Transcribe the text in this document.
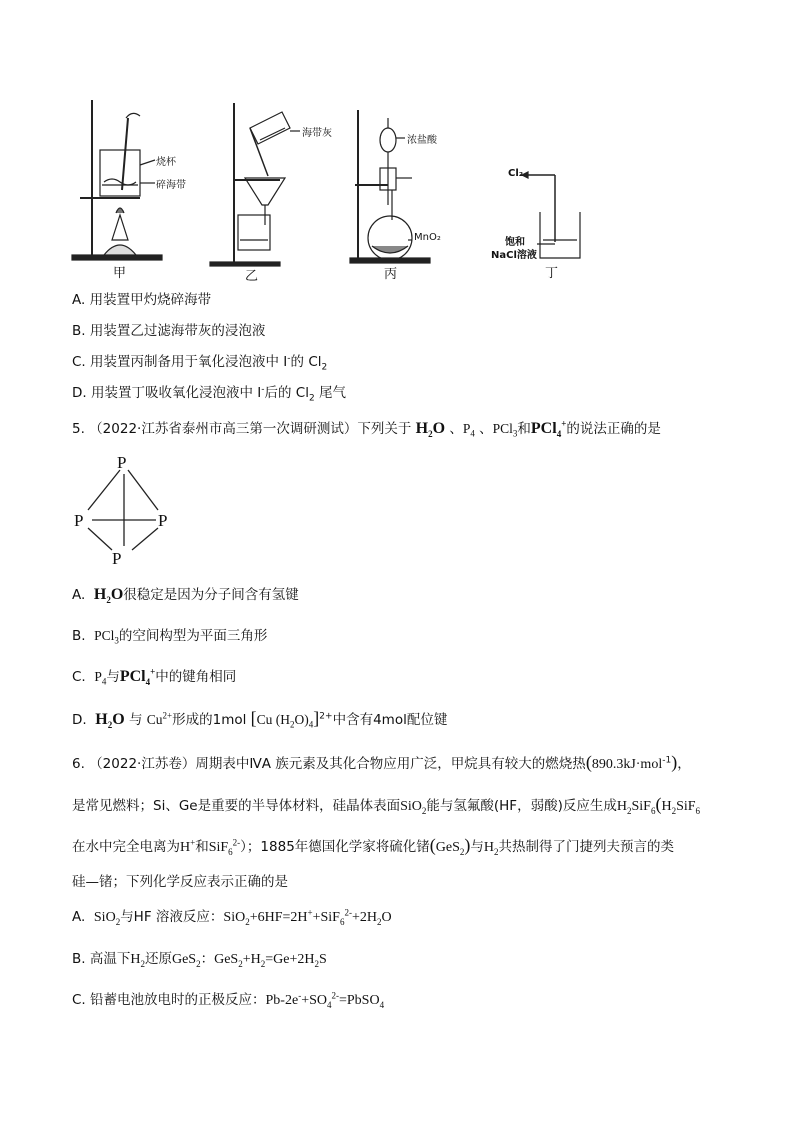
烧杯
碎海带
海带灰
浓盐酸
MnO₂
Cl₂
饱和
NaCl溶液
甲	乙	丙	丁
A. 用装置甲灼烧碎海带
B. 用装置乙过滤海带灰的浸泡液
C. 用装置丙制备用于氧化浸泡液中 I-的 $Cl_2$
D. 用装置丁吸收氧化浸泡液中 I-后的 $Cl_2$ 尾气
5. （2022·江苏省泰州市高三第一次调研测试）下列关于 $H_2O$ 、$P_4$ 、PCl$_3$和PCl$_4$+的说法正确的是
P
P	P
P
A.  $H_2O$很稳定是因为分子间含有氢键
B.  PCl$_3$的空间构型为平面三角形
C.  $P_4$与PCl$_4$+中的键角相同
D.  $H_2O$ 与 $Cu^{2+}$形成的1mol [Cu $(H_2O)_4]^{2+}$中含有4mol配位键
6. （2022·江苏卷）周期表中ⅣA 族元素及其化合物应用广泛，甲烷具有较大的燃烧热(890.3kJ·mol$^{-1}$)，
是常见燃料；Si、Ge是重要的半导体材料，硅晶体表面SiO$_2$能与氢氟酸(HF，弱酸)反应生成$H_2SiF_6(H_2SiF_6$
在水中完全电离为H+和SiF$_6^{2-}$）；1885年德国化学家将硫化锗(GeS$_2$)与$H_2$共热制得了门捷列夫预言的类
硅—锗；下列化学反应表示正确的是
A. SiO$_2$与HF 溶液反应：$SiO_2+6HF=2H^++SiF_6^{2-}+2H_2O$
B. 高温下$H_2$还原GeS$_2$：$GeS_2+H_2=Ge+2H_2S$
C. 铅蓄电池放电时的正极反应：$Pb-2e^-+SO_4^{2-}=PbSO_4$
